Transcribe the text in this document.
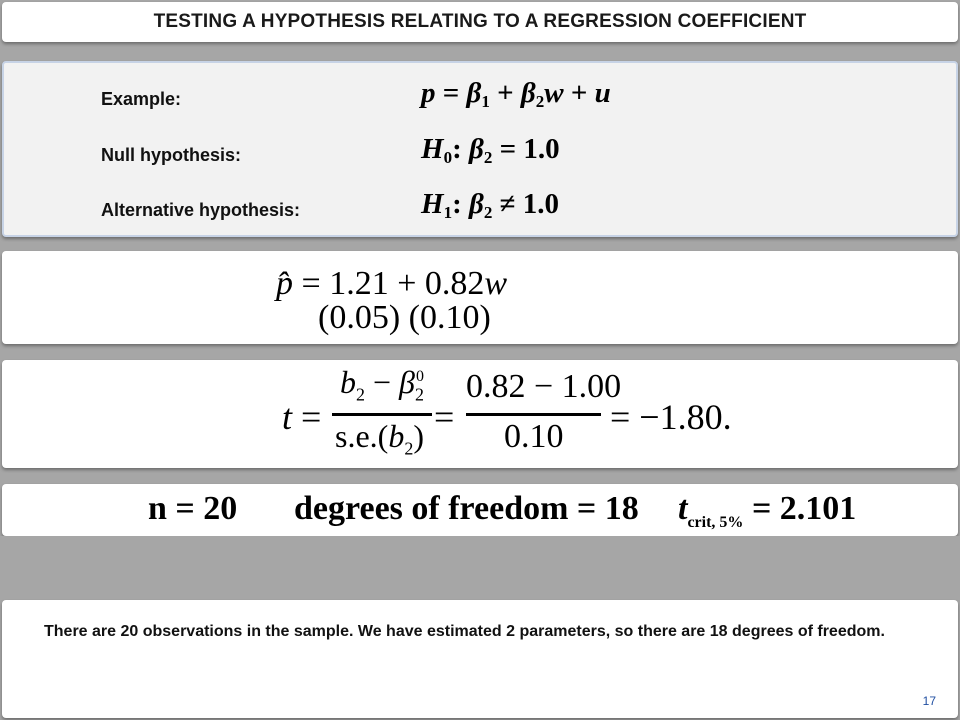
TESTING A HYPOTHESIS RELATING TO A REGRESSION COEFFICIENT
Example:	$p = \beta_1 + \beta_2w + u$
Null hypothesis:	$H_0$: $\beta_2 = 1.0$
Alternative hypothesis:	$H_1$: $\beta_2 \ne 1.0$
p̂ = 1.21 + 0.82w
(0.05) (0.10)
t =
$b_2 - \beta_2^0$
$s.e.(b_2)$ =
0.82 − 1.00
0.10 = −1.80.
n = 20 degrees of freedom = 18 $t_{crit, 5\%} = 2.101$
There are 20 observations in the sample. We have estimated 2 parameters, so there are 18 degrees of freedom.
17
